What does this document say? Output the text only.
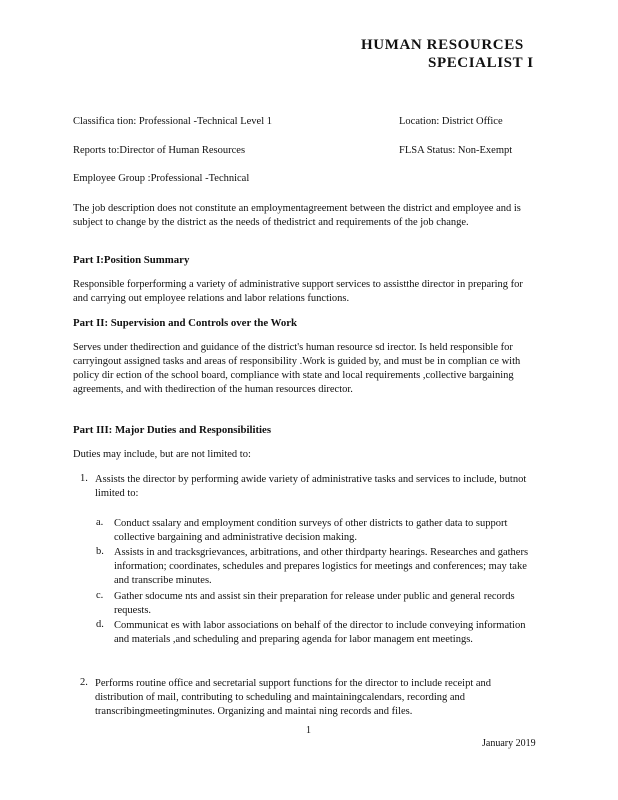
HUMAN RESOURCES
SPECIALIST I
Classifica tion: Professional -Technical Level 1	Location: District Office
Reports to:Director of Human Resources	FLSA Status: Non-Exempt
Employee Group :Professional -Technical
The job description does not constitute an employmentagreement between the district and employee and is subject to change by the district as the needs of thedistrict and requirements of the job change.
Part I:Position Summary
Responsible forperforming a variety of administrative support services to assistthe director in preparing for and carrying out employee relations and labor relations functions.
Part II: Supervision and Controls over the Work
Serves under thedirection and guidance of the district's human resource sd irector. Is held responsible for carryingout assigned tasks and areas of responsibility .Work is guided by, and must be in complian ce with policy dir ection of the school board, compliance with state and local requirements ,collective bargaining agreements, and with thedirection of the human resources director.
Part III: Major Duties and Responsibilities
Duties may include, but are not limited to:
1. Assists the director by performing awide variety of administrative tasks and services to include, butnot limited to:
a. Conduct ssalary and employment condition surveys of other districts to gather data to support collective bargaining and administrative decision making.
b. Assists in and tracksgrievances, arbitrations, and other thirdparty hearings. Researches and gathers information; coordinates, schedules and prepares logistics for meetings and conferences; may take and transcribe minutes.
c. Gather sdocume nts and assist sin their preparation for release under public and general records requests.
d. Communicat es with labor associations on behalf of the director to include conveying information and materials ,and scheduling and preparing agenda for labor managem ent meetings.
2. Performs routine office and secretarial support functions for the director to include receipt and distribution of mail, contributing to scheduling and maintainingcalendars, recording and transcribingmeetingminutes. Organizing and maintai ning records and files.
1
January 2019
